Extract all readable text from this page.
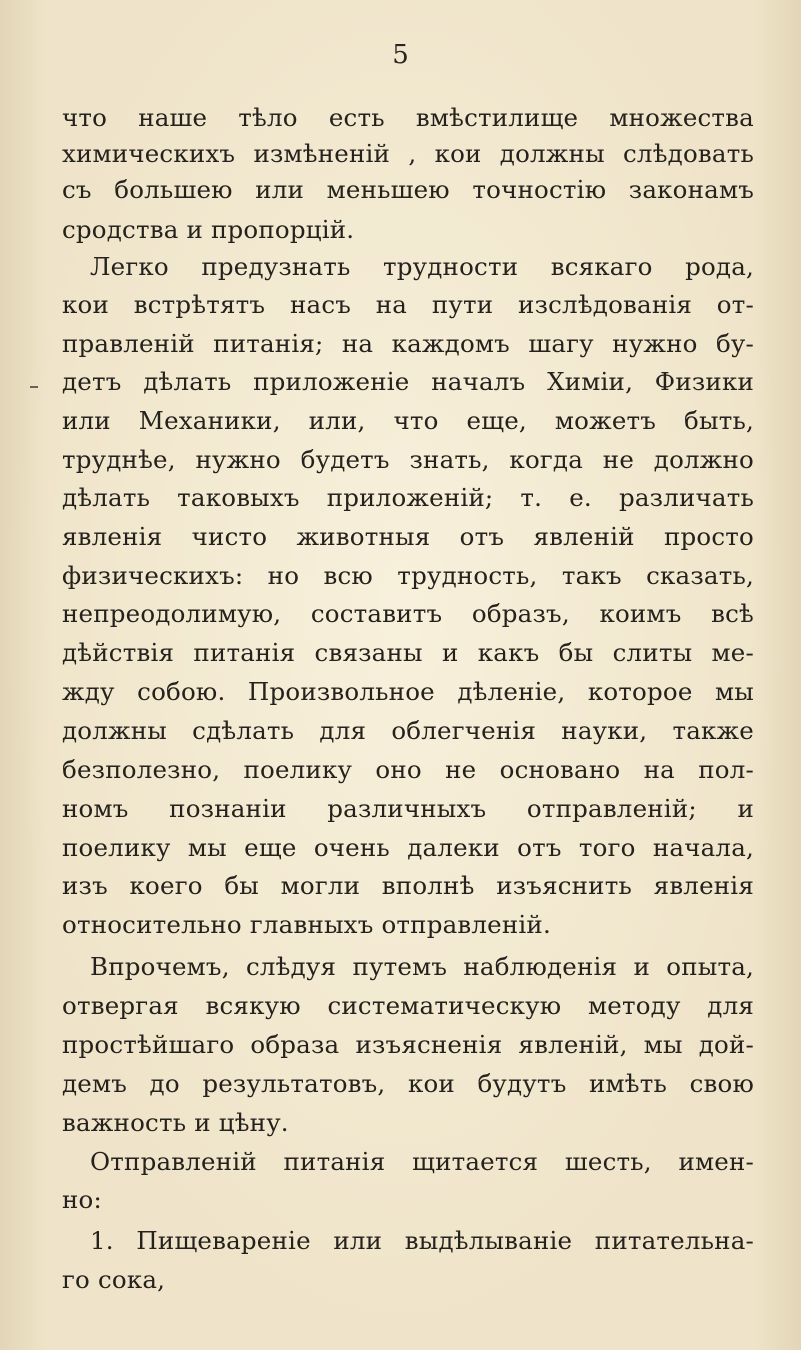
5
что наше тѣло есть вмѣстилище множества
химическихъ измѣненій , кои должны слѣдовать
съ большею или меньшею точностію законамъ
сродства и пропорцій.
Легко предузнать трудности всякаго рода,
кои встрѣтятъ насъ на пути изслѣдованія от-
правленій питанія; на каждомъ шагу нужно бу-
детъ дѣлать приложеніе началъ Химіи, Физики
или Механики, или, что еще, можетъ быть,
труднѣе, нужно будетъ знать, когда не должно
дѣлать таковыхъ приложеній; т. е. различать
явленія чисто животныя отъ явленій просто
физическихъ: но всю трудность, такъ сказать,
непреодолимую, составитъ образъ, коимъ всѣ
дѣйствія питанія связаны и какъ бы слиты ме-
жду собою. Произвольное дѣленіе, которое мы
должны сдѣлать для облегченія науки, также
безполезно, поелику оно не основано на пол-
номъ познаніи различныхъ отправленій; и
поелику мы еще очень далеки отъ того начала,
изъ коего бы могли вполнѣ изъяснить явленія
относительно главныхъ отправленій.
Впрочемъ, слѣдуя путемъ наблюденія и опыта,
отвергая всякую систематическую методу для
простѣйшаго образа изъясненія явленій, мы дой-
демъ до результатовъ, кои будутъ имѣть свою
важность и цѣну.
Отправленій питанія щитается шесть, имен-
но:
1. Пищевареніе или выдѣлываніе питательна-
го сока,
